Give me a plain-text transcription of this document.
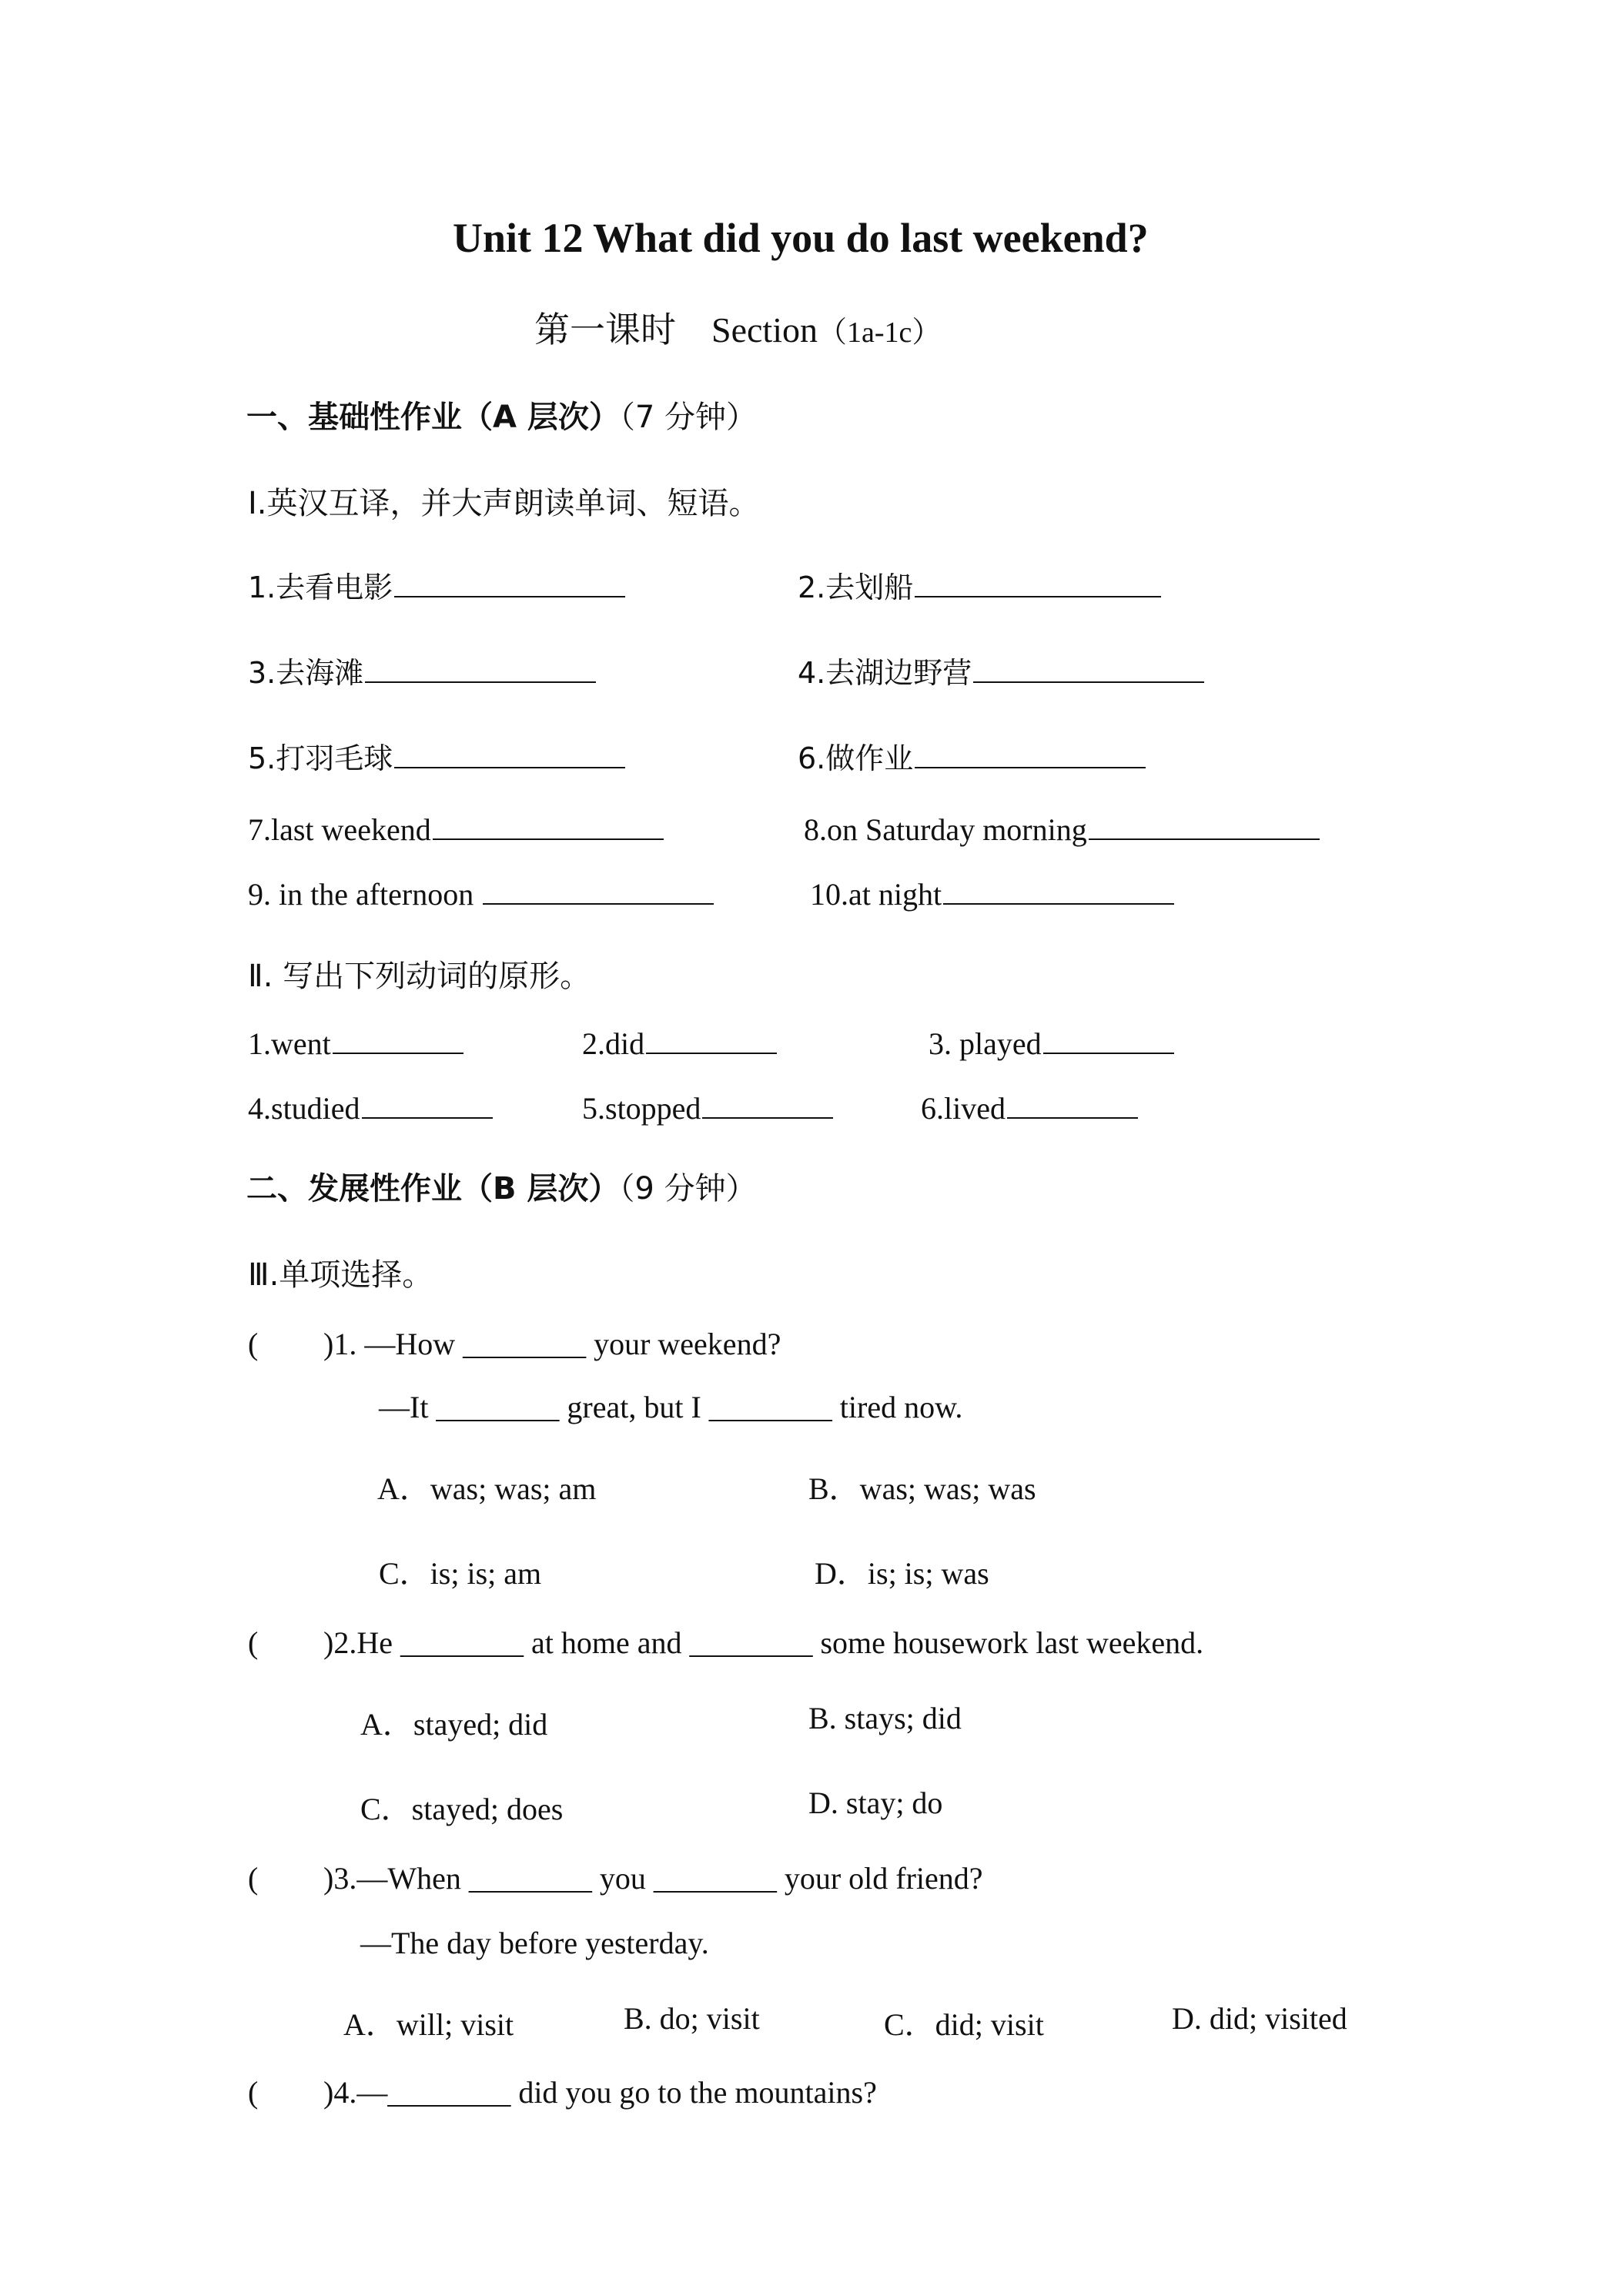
Unit 12 What did you do last weekend?
第一课时 Section（1a-1c）
一、基础性作业（A 层次）（7 分钟）
Ⅰ.英汉互译，并大声朗读单词、短语。
1.去看电影	2.去划船
3.去海滩	4.去湖边野营
5.打羽毛球	6.做作业
7.last weekend	8.on Saturday morning
9. in the afternoon	10.at night
Ⅱ. 写出下列动词的原形。
1.went	2.did	3. played
4.studied	5.stopped	6.lived
二、发展性作业（B 层次）（9 分钟）
Ⅲ.单项选择。
( )1. —How ________ your weekend?
—It ________ great, but I ________ tired now.
A．was; was; am	B．was; was; was
C．is; is; am	D．is; is; was
( )2.He ________ at home and ________ some housework last weekend.
A．stayed; did	B. stays; did
C．stayed; does	D. stay; do
( )3.—When ________ you ________ your old friend?
—The day before yesterday.
A．will; visit	B. do; visit	C．did; visit	D. did; visited
( )4.—________ did you go to the mountains?
